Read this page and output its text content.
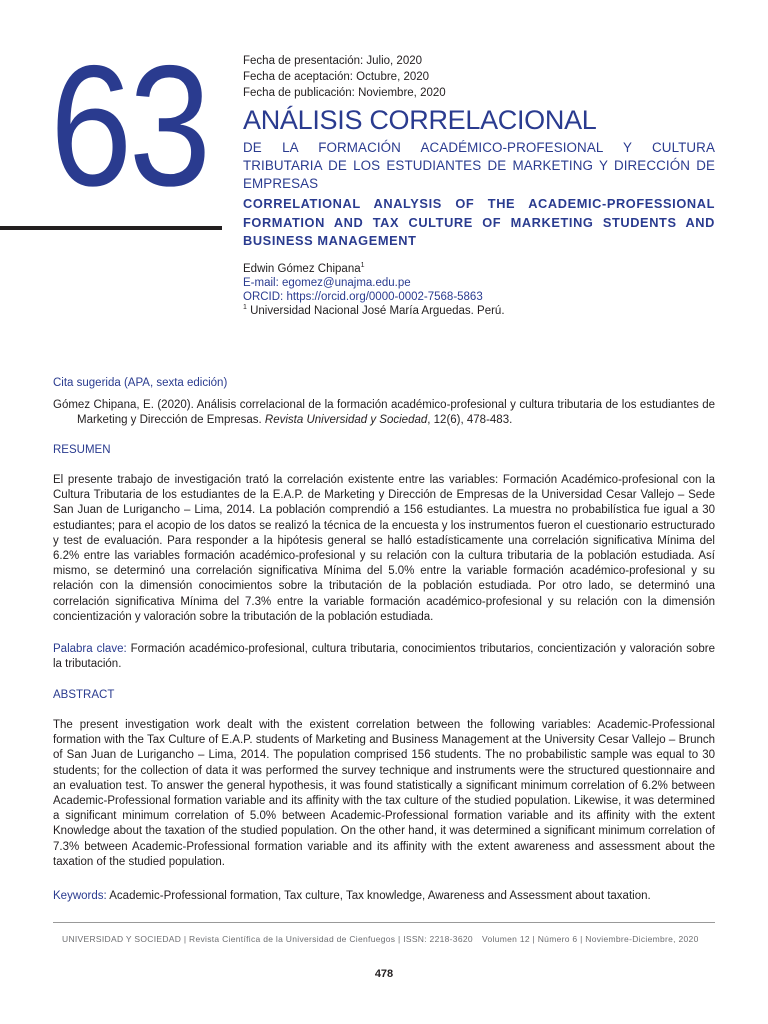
63	Fecha de presentación: Julio, 2020
Fecha de aceptación: Octubre, 2020
Fecha de publicación: Noviembre, 2020
ANÁLISIS CORRELACIONAL
DE LA FORMACIÓN ACADÉMICO-PROFESIONAL Y CULTURA TRIBUTARIA DE LOS ESTUDIANTES DE MARKETING Y DIRECCIÓN DE EMPRESAS
CORRELATIONAL ANALYSIS OF THE ACADEMIC-PROFESSIONAL FORMATION AND TAX CULTURE OF MARKETING STUDENTS AND BUSINESS MANAGEMENT
Edwin Gómez Chipana$^1$
E-mail: egomez@unajma.edu.pe
ORCID: https://orcid.org/0000-0002-7568-5863
$^1$ Universidad Nacional José María Arguedas. Perú.
Cita sugerida (APA, sexta edición)
Gómez Chipana, E. (2020). Análisis correlacional de la formación académico-profesional y cultura tributaria de los estudiantes de Marketing y Dirección de Empresas. Revista Universidad y Sociedad, 12(6), 478-483.
RESUMEN
El presente trabajo de investigación trató la correlación existente entre las variables: Formación Académico-profesional con la Cultura Tributaria de los estudiantes de la E.A.P. de Marketing y Dirección de Empresas de la Universidad Cesar Vallejo – Sede San Juan de Lurigancho – Lima, 2014. La población comprendió a 156 estudiantes. La muestra no probabilística fue igual a 30 estudiantes; para el acopio de los datos se realizó la técnica de la encuesta y los instrumentos fueron el cuestionario estructurado y test de evaluación. Para responder a la hipótesis general se halló estadísticamente una correlación significativa Mínima del 6.2% entre las variables formación académico-profesional y su relación con la cultura tributaria de la población estudiada. Así mismo, se determinó una correlación significativa Mínima del 5.0% entre la variable formación académico-profesional y su relación con la dimensión conocimientos sobre la tributación de la población estudiada. Por otro lado, se determinó una correlación significativa Mínima del 7.3% entre la variable formación académico-profesional y su relación con la dimensión concientización y valoración sobre la tributación de la población estudiada.
Palabra clave: Formación académico-profesional, cultura tributaria, conocimientos tributarios, concientización y valoración sobre la tributación.
ABSTRACT
The present investigation work dealt with the existent correlation between the following variables: Academic-Professional formation with the Tax Culture of E.A.P. students of Marketing and Business Management at the University Cesar Vallejo – Brunch of San Juan de Lurigancho – Lima, 2014. The population comprised 156 students. The no probabilistic sample was equal to 30 students; for the collection of data it was performed the survey technique and instruments were the structured questionnaire and an evaluation test. To answer the general hypothesis, it was found statistically a significant minimum correlation of 6.2% between Academic-Professional formation variable and its affinity with the tax culture of the studied population. Likewise, it was determined a significant minimum correlation of 5.0% between Academic-Professional formation variable and its affinity with the extent Knowledge about the taxation of the studied population. On the other hand, it was determined a significant minimum correlation of 7.3% between Academic-Professional formation variable and its affinity with the extent awareness and assessment about the taxation of the studied population.
Keywords: Academic-Professional formation, Tax culture, Tax knowledge, Awareness and Assessment about taxation.
UNIVERSIDAD Y SOCIEDAD | Revista Científica de la Universidad de Cienfuegos | ISSN: 2218-3620 Volumen 12 | Número 6 | Noviembre-Diciembre, 2020
478
